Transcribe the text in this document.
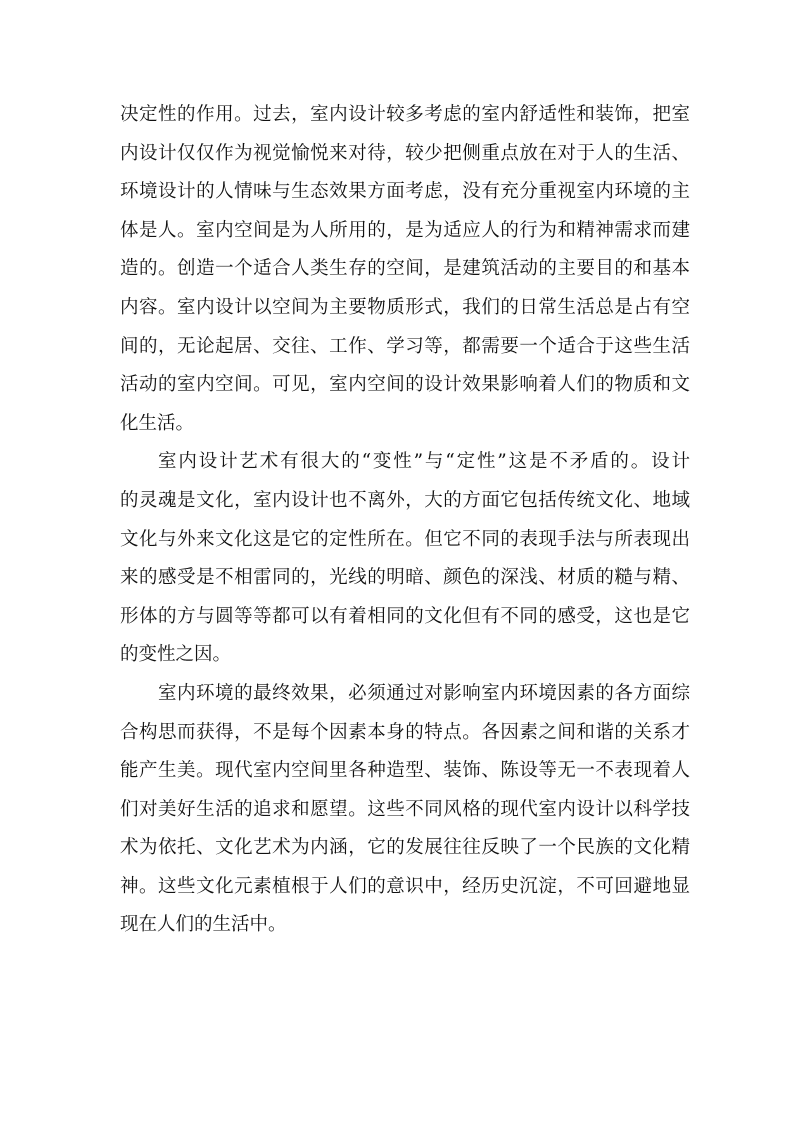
决定性的作用。过去，室内设计较多考虑的室内舒适性和装饰，把室
内设计仅仅作为视觉愉悦来对待，较少把侧重点放在对于人的生活、
环境设计的人情味与生态效果方面考虑，没有充分重视室内环境的主
体是人。室内空间是为人所用的，是为适应人的行为和精神需求而建
造的。创造一个适合人类生存的空间，是建筑活动的主要目的和基本
内容。室内设计以空间为主要物质形式，我们的日常生活总是占有空
间的，无论起居、交往、工作、学习等，都需要一个适合于这些生活
活动的室内空间。可见，室内空间的设计效果影响着人们的物质和文
化生活。
室内设计艺术有很大的“变性”与“定性”这是不矛盾的。设计
的灵魂是文化，室内设计也不离外，大的方面它包括传统文化、地域
文化与外来文化这是它的定性所在。但它不同的表现手法与所表现出
来的感受是不相雷同的，光线的明暗、颜色的深浅、材质的糙与精、
形体的方与圆等等都可以有着相同的文化但有不同的感受，这也是它
的变性之因。
室内环境的最终效果，必须通过对影响室内环境因素的各方面综
合构思而获得，不是每个因素本身的特点。各因素之间和谐的关系才
能产生美。现代室内空间里各种造型、装饰、陈设等无一不表现着人
们对美好生活的追求和愿望。这些不同风格的现代室内设计以科学技
术为依托、文化艺术为内涵，它的发展往往反映了一个民族的文化精
神。这些文化元素植根于人们的意识中，经历史沉淀，不可回避地显
现在人们的生活中。
